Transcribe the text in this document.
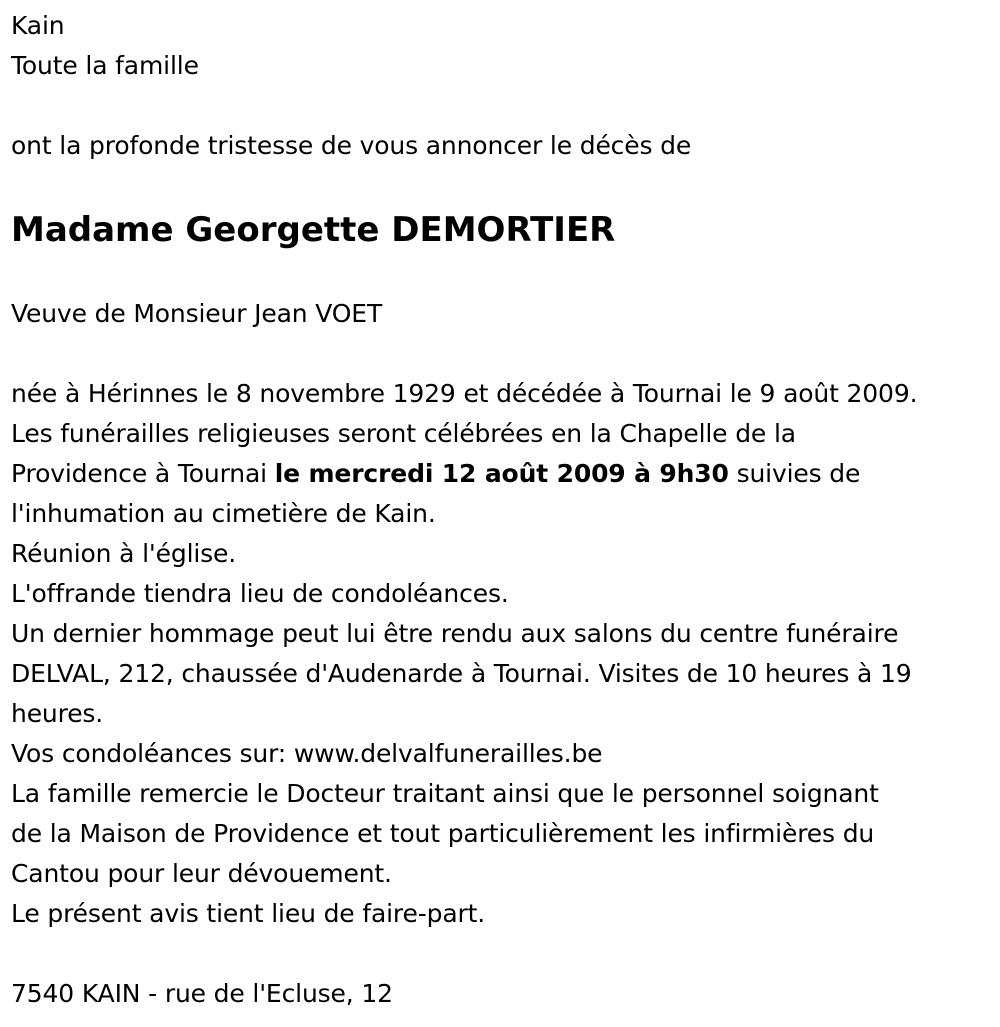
Kain
Toute la famille
ont la profonde tristesse de vous annoncer le décès de
Madame Georgette DEMORTIER
Veuve de Monsieur Jean VOET
née à Hérinnes le 8 novembre 1929 et décédée à Tournai le 9 août 2009.
Les funérailles religieuses seront célébrées en la Chapelle de la
Providence à Tournai le mercredi 12 août 2009 à 9h30 suivies de
l'inhumation au cimetière de Kain.
Réunion à l'église.
L'offrande tiendra lieu de condoléances.
Un dernier hommage peut lui être rendu aux salons du centre funéraire
DELVAL, 212, chaussée d'Audenarde à Tournai. Visites de 10 heures à 19
heures.
Vos condoléances sur: www.delvalfunerailles.be
La famille remercie le Docteur traitant ainsi que le personnel soignant
de la Maison de Providence et tout particulièrement les infirmières du
Cantou pour leur dévouement.
Le présent avis tient lieu de faire-part.
7540 KAIN - rue de l'Ecluse, 12
